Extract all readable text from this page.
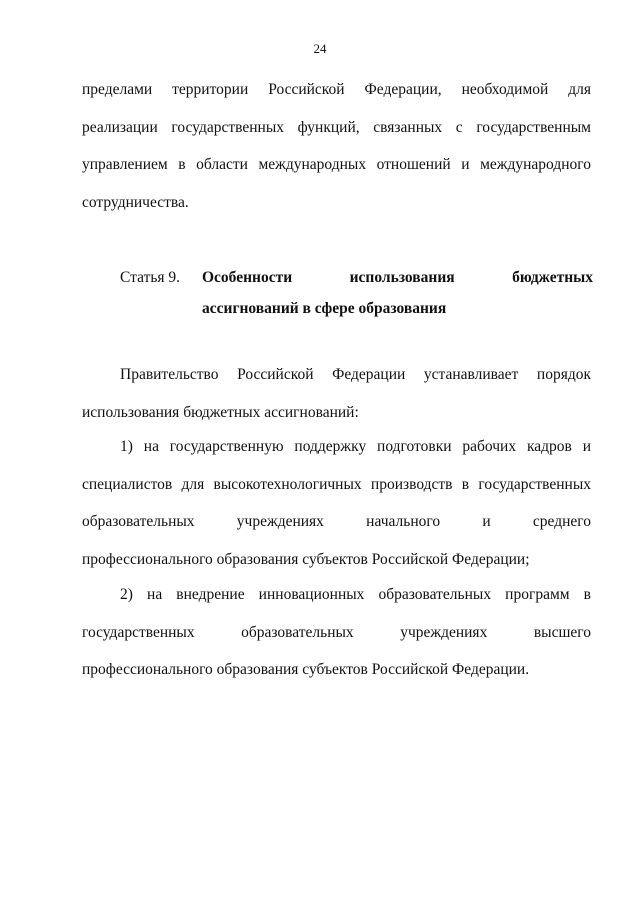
24
пределами территории Российской Федерации, необходимой для
реализации государственных функций, связанных с государственным
управлением в области международных отношений и международного
сотрудничества.
Статья 9. Особенности использования бюджетных
ассигнований в сфере образования
Правительство Российской Федерации устанавливает порядок
использования бюджетных ассигнований:
1) на государственную поддержку подготовки рабочих кадров и
специалистов для высокотехнологичных производств в государственных
образовательных учреждениях начального и среднего
профессионального образования субъектов Российской Федерации;
2) на внедрение инновационных образовательных программ в
государственных образовательных учреждениях высшего
профессионального образования субъектов Российской Федерации.
